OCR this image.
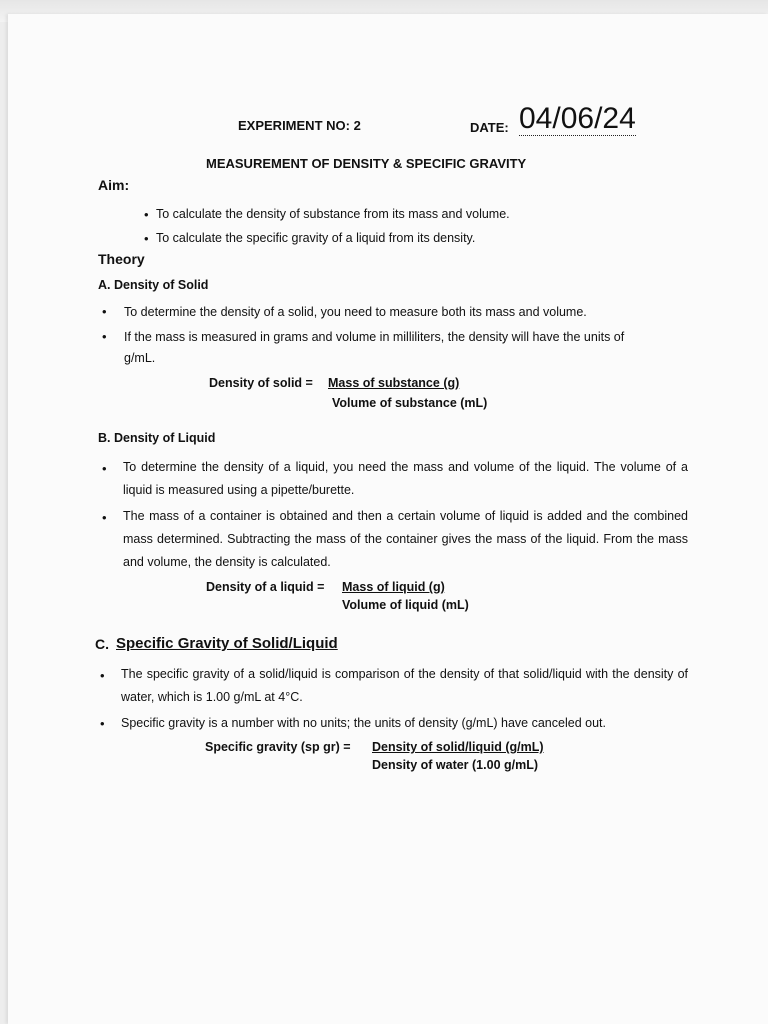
EXPERIMENT NO: 2	DATE: 04/06/24
MEASUREMENT OF DENSITY & SPECIFIC GRAVITY
Aim:
• To calculate the density of substance from its mass and volume.
• To calculate the specific gravity of a liquid from its density.
Theory
A. Density of Solid
• To determine the density of a solid, you need to measure both its mass and volume.
• If the mass is measured in grams and volume in milliliters, the density will have the units of
g/mL.
Density of solid = Mass of substance (g)
Volume of substance (mL)
B. Density of Liquid
• To determine the density of a liquid, you need the mass and volume of the liquid. The volume of a liquid is measured using a pipette/burette.
• The mass of a container is obtained and then a certain volume of liquid is added and the combined mass determined. Subtracting the mass of the container gives the mass of the liquid. From the mass and volume, the density is calculated.
Density of a liquid = Mass of liquid (g)
Volume of liquid (mL)
C. Specific Gravity of Solid/Liquid
• The specific gravity of a solid/liquid is comparison of the density of that solid/liquid with the density of water, which is 1.00 g/mL at 4°C.
• Specific gravity is a number with no units; the units of density (g/mL) have canceled out.
Specific gravity (sp gr) = Density of solid/liquid (g/mL)
Density of water (1.00 g/mL)
